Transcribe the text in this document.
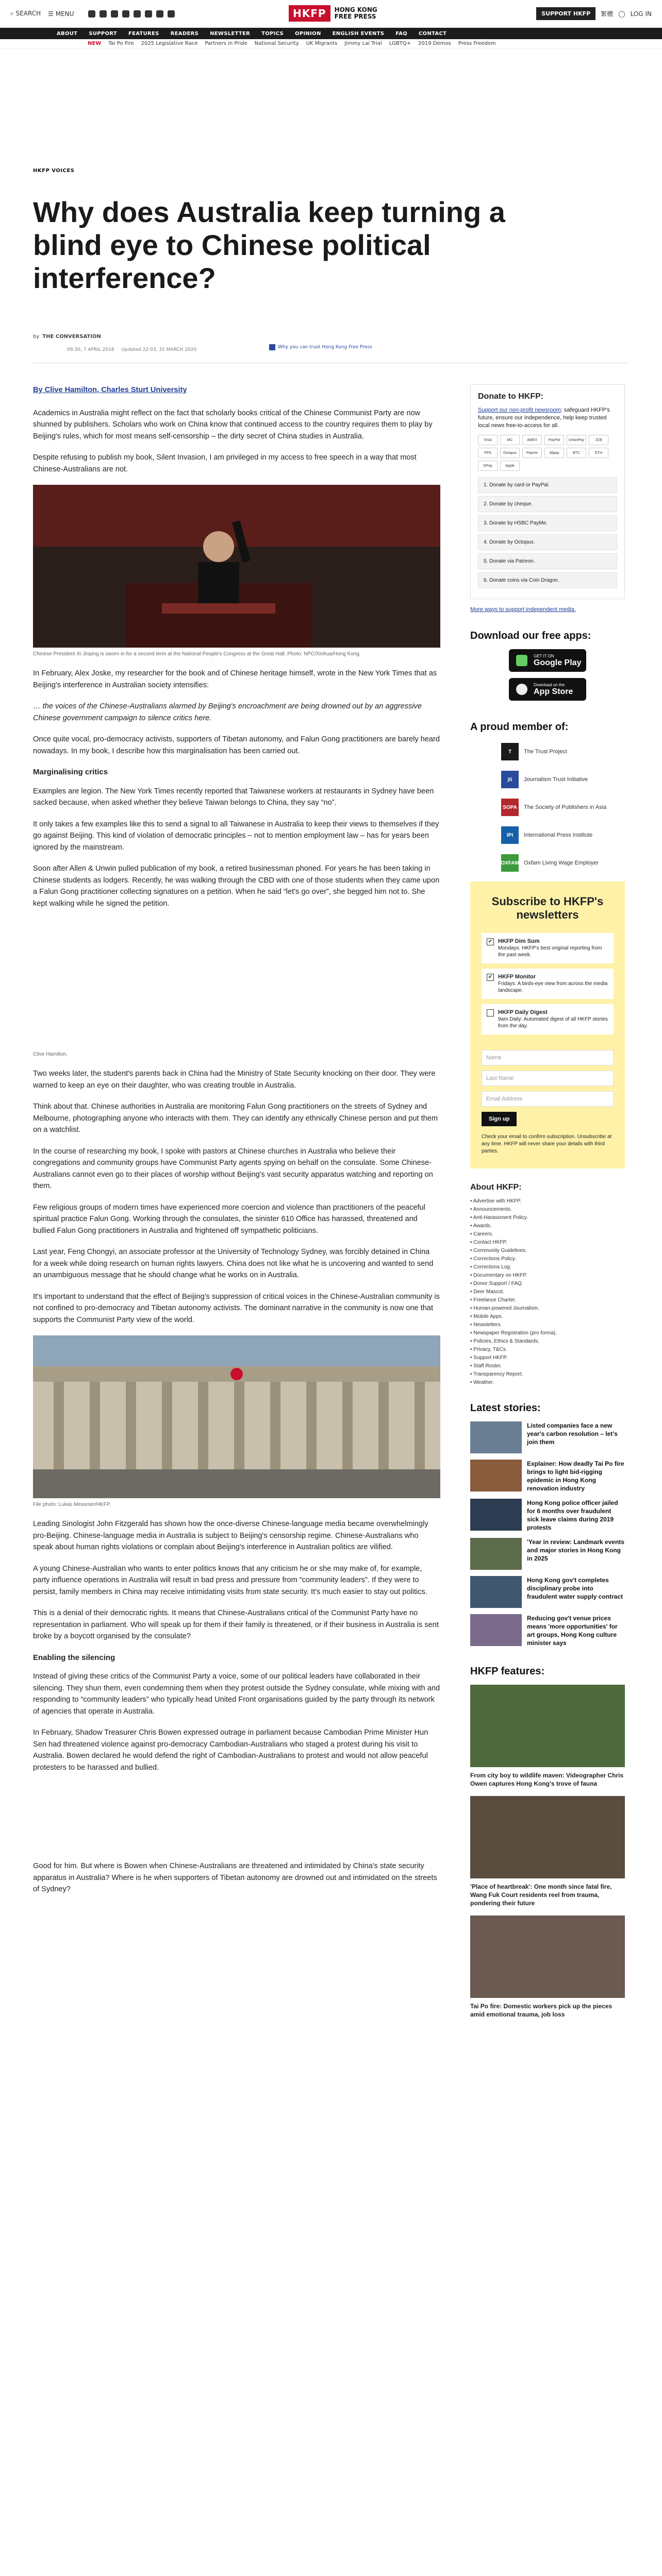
⌕ SEARCH ☰ MENU	SUPPORT HKFP	繁體 ◯ LOG IN
HKFP	HONG KONG
FREE PRESS
ABOUT SUPPORT FEATURES READERS NEWSLETTER TOPICS OPINION ENGLISH EVENTS FAQ CONTACT
NEW Tai Po Fire 2025 Legislative Race Partners in Pride National Security UK Migrants Jimmy Lai Trial LGBTQ+ 2019 Demos Press Freedom
HKFP VOICES
Why does Australia keep turning a blind eye to Chinese political interference?
by THE CONVERSATION
09:30, 7 APRIL 2018 Updated 22:03, 31 MARCH 2020	Why you can trust Hong Kong Free Press

By Clive Hamilton, Charles Sturt University

Academics in Australia might reflect on the fact that scholarly books critical of the Chinese Communist Party are now shunned by publishers. Scholars who work on China know that continued access to the country requires them to play by Beijing's rules, which for most means self-censorship – the dirty secret of China studies in Australia.

Despite refusing to publish my book, Silent Invasion, I am privileged in my access to free speech in a way that most Chinese-Australians are not.

Chinese President Xi Jinping is sworn in for a second term at the National People's Congress at the Great Hall. Photo: NPC/Xinhua/Hong Kong.

In February, Alex Joske, my researcher for the book and of Chinese heritage himself, wrote in the New York Times that as Beijing's interference in Australian society intensifies:

… the voices of the Chinese-Australians alarmed by Beijing's encroachment are being drowned out by an aggressive Chinese government campaign to silence critics here.

Once quite vocal, pro-democracy activists, supporters of Tibetan autonomy, and Falun Gong practitioners are barely heard nowadays. In my book, I describe how this marginalisation has been carried out.

Marginalising critics

Examples are legion. The New York Times recently reported that Taiwanese workers at restaurants in Sydney have been sacked because, when asked whether they believe Taiwan belongs to China, they say “no”.

It only takes a few examples like this to send a signal to all Taiwanese in Australia to keep their views to themselves if they go against Beijing. This kind of violation of democratic principles – not to mention employment law – has for years been ignored by the mainstream.

Soon after Allen & Unwin pulled publication of my book, a retired businessman phoned. For years he has been taking in Chinese students as lodgers. Recently, he was walking through the CBD with one of those students when they came upon a Falun Gong practitioner collecting signatures on a petition. When he said “let's go over”, she begged him not to. She kept walking while he signed the petition.

Clive Hamilton.

Two weeks later, the student's parents back in China had the Ministry of State Security knocking on their door. They were warned to keep an eye on their daughter, who was creating trouble in Australia.

Think about that. Chinese authorities in Australia are monitoring Falun Gong practitioners on the streets of Sydney and Melbourne, photographing anyone who interacts with them. They can identify any ethnically Chinese person and put them on a watchlist.

In the course of researching my book, I spoke with pastors at Chinese churches in Australia who believe their congregations and community groups have Communist Party agents spying on behalf on the consulate. Some Chinese-Australians cannot even go to their places of worship without Beijing's vast security apparatus watching and reporting on them.

Few religious groups of modern times have experienced more coercion and violence than practitioners of the peaceful spiritual practice Falun Gong. Working through the consulates, the sinister 610 Office has harassed, threatened and bullied Falun Gong practitioners in Australia and frightened off sympathetic politicians.

Last year, Feng Chongyi, an associate professor at the University of Technology Sydney, was forcibly detained in China for a week while doing research on human rights lawyers. China does not like what he is uncovering and wanted to send an unambiguous message that he should change what he works on in Australia.

It's important to understand that the effect of Beijing's suppression of critical voices in the Chinese-Australian community is not confined to pro-democracy and Tibetan autonomy activists. The dominant narrative in the community is now one that supports the Communist Party view of the world.

File photo: Lukas Messmer/HKFP.

Leading Sinologist John Fitzgerald has shown how the once-diverse Chinese-language media became overwhelmingly pro-Beijing. Chinese-language media in Australia is subject to Beijing's censorship regime. Chinese-Australians who speak about human rights violations or complain about Beijing's interference in Australian politics are vilified.

A young Chinese-Australian who wants to enter politics knows that any criticism he or she may make of, for example, party influence operations in Australia will result in bad press and pressure from “community leaders”. If they were to persist, family members in China may receive intimidating visits from state security. It's much easier to stay out politics.

This is a denial of their democratic rights. It means that Chinese-Australians critical of the Communist Party have no representation in parliament. Who will speak up for them if their family is threatened, or if their business in Australia is sent broke by a boycott organised by the consulate?

Enabling the silencing

Instead of giving these critics of the Communist Party a voice, some of our political leaders have collaborated in their silencing. They shun them, even condemning them when they protest outside the Sydney consulate, while mixing with and responding to “community leaders” who typically head United Front organisations guided by the party through its network of agencies that operate in Australia.

In February, Shadow Treasurer Chris Bowen expressed outrage in parliament because Cambodian Prime Minister Hun Sen had threatened violence against pro-democracy Cambodian-Australians who staged a protest during his visit to Australia. Bowen declared he would defend the right of Cambodian-Australians to protest and would not allow peaceful protesters to be harassed and bullied.

Good for him. But where is Bowen when Chinese-Australians are threatened and intimidated by China's state security apparatus in Australia? Where is he when supporters of Tibetan autonomy are drowned out and intimidated on the streets of Sydney?

Donate to HKFP:

Support our non-profit newsroom: safeguard HKFP's future, ensure our independence, help keep trusted local news free-to-access for all.

VISA	MC	AMEX	PayPal	UnionPay	JCB
FPS	Octopus	Payme	Alipay	BTC	ETH
GPay	Apple
1. Donate by card or PayPal.
2. Donate by cheque.
3. Donate by HSBC PayMe.
4. Donate by Octopus.
5. Donate via Patreon.
6. Donate coins via Coin Dragon.
More ways to support independent media.
Download our free apps:
GET IT ON
Google Play
Download on the
App Store
A proud member of:
T	The Trust Project
jti	Journalism Trust Initiative
SOPA The Society of Publishers in Asia
IPI	International Press Institute
OXFAM Oxfam Living Wage Employer
Subscribe to HKFP's newsletters
✔ HKFP Dim Sum
Mondays: HKFP's best original reporting from the past week.
✔ HKFP Monitor
Fridays: A birds-eye view from across the media landscape.
HKFP Daily Digest
9am Daily: Automated digest of all HKFP stories from the day.
Name
Last Name
Email Address
Sign up

Check your email to confirm subscription. Unsubscribe at any time. HKFP will never share your details with third parties.

About HKFP:
• Advertise with HKFP.
• Announcements.
• Anti-Harassment Policy.
• Awards.
• Careers.
• Contact HKFP.
• Community Guidelines.
• Corrections Policy.
• Corrections Log.
• Documentary on HKFP.
• Donor Support / FAQ.
• Deer Mascot.
• Freelance Charter.
• Human-powered Journalism.
• Mobile Apps.
• Newsletters.
• Newspaper Registration (pro forma).
• Policies, Ethics & Standards.
• Privacy, T&Cs.
• Support HKFP.
• Staff Roster.
• Transparency Report.
• Weather.
Latest stories:
Listed companies face a new year's carbon resolution – let's join them
Explainer: How deadly Tai Po fire brings to light bid-rigging epidemic in Hong Kong renovation industry
Hong Kong police officer jailed for 6 months over fraudulent sick leave claims during 2019 protests
'Year in review: Landmark events and major stories in Hong Kong in 2025
Hong Kong gov't completes disciplinary probe into fraudulent water supply contract
Reducing gov't venue prices means 'more opportunities' for art groups, Hong Kong culture minister says
HKFP features:
From city boy to wildlife maven: Videographer Chris Owen captures Hong Kong's trove of fauna
'Place of heartbreak': One month since fatal fire, Wang Fuk Court residents reel from trauma, pondering their future
Tai Po fire: Domestic workers pick up the pieces amid emotional trauma, job loss
